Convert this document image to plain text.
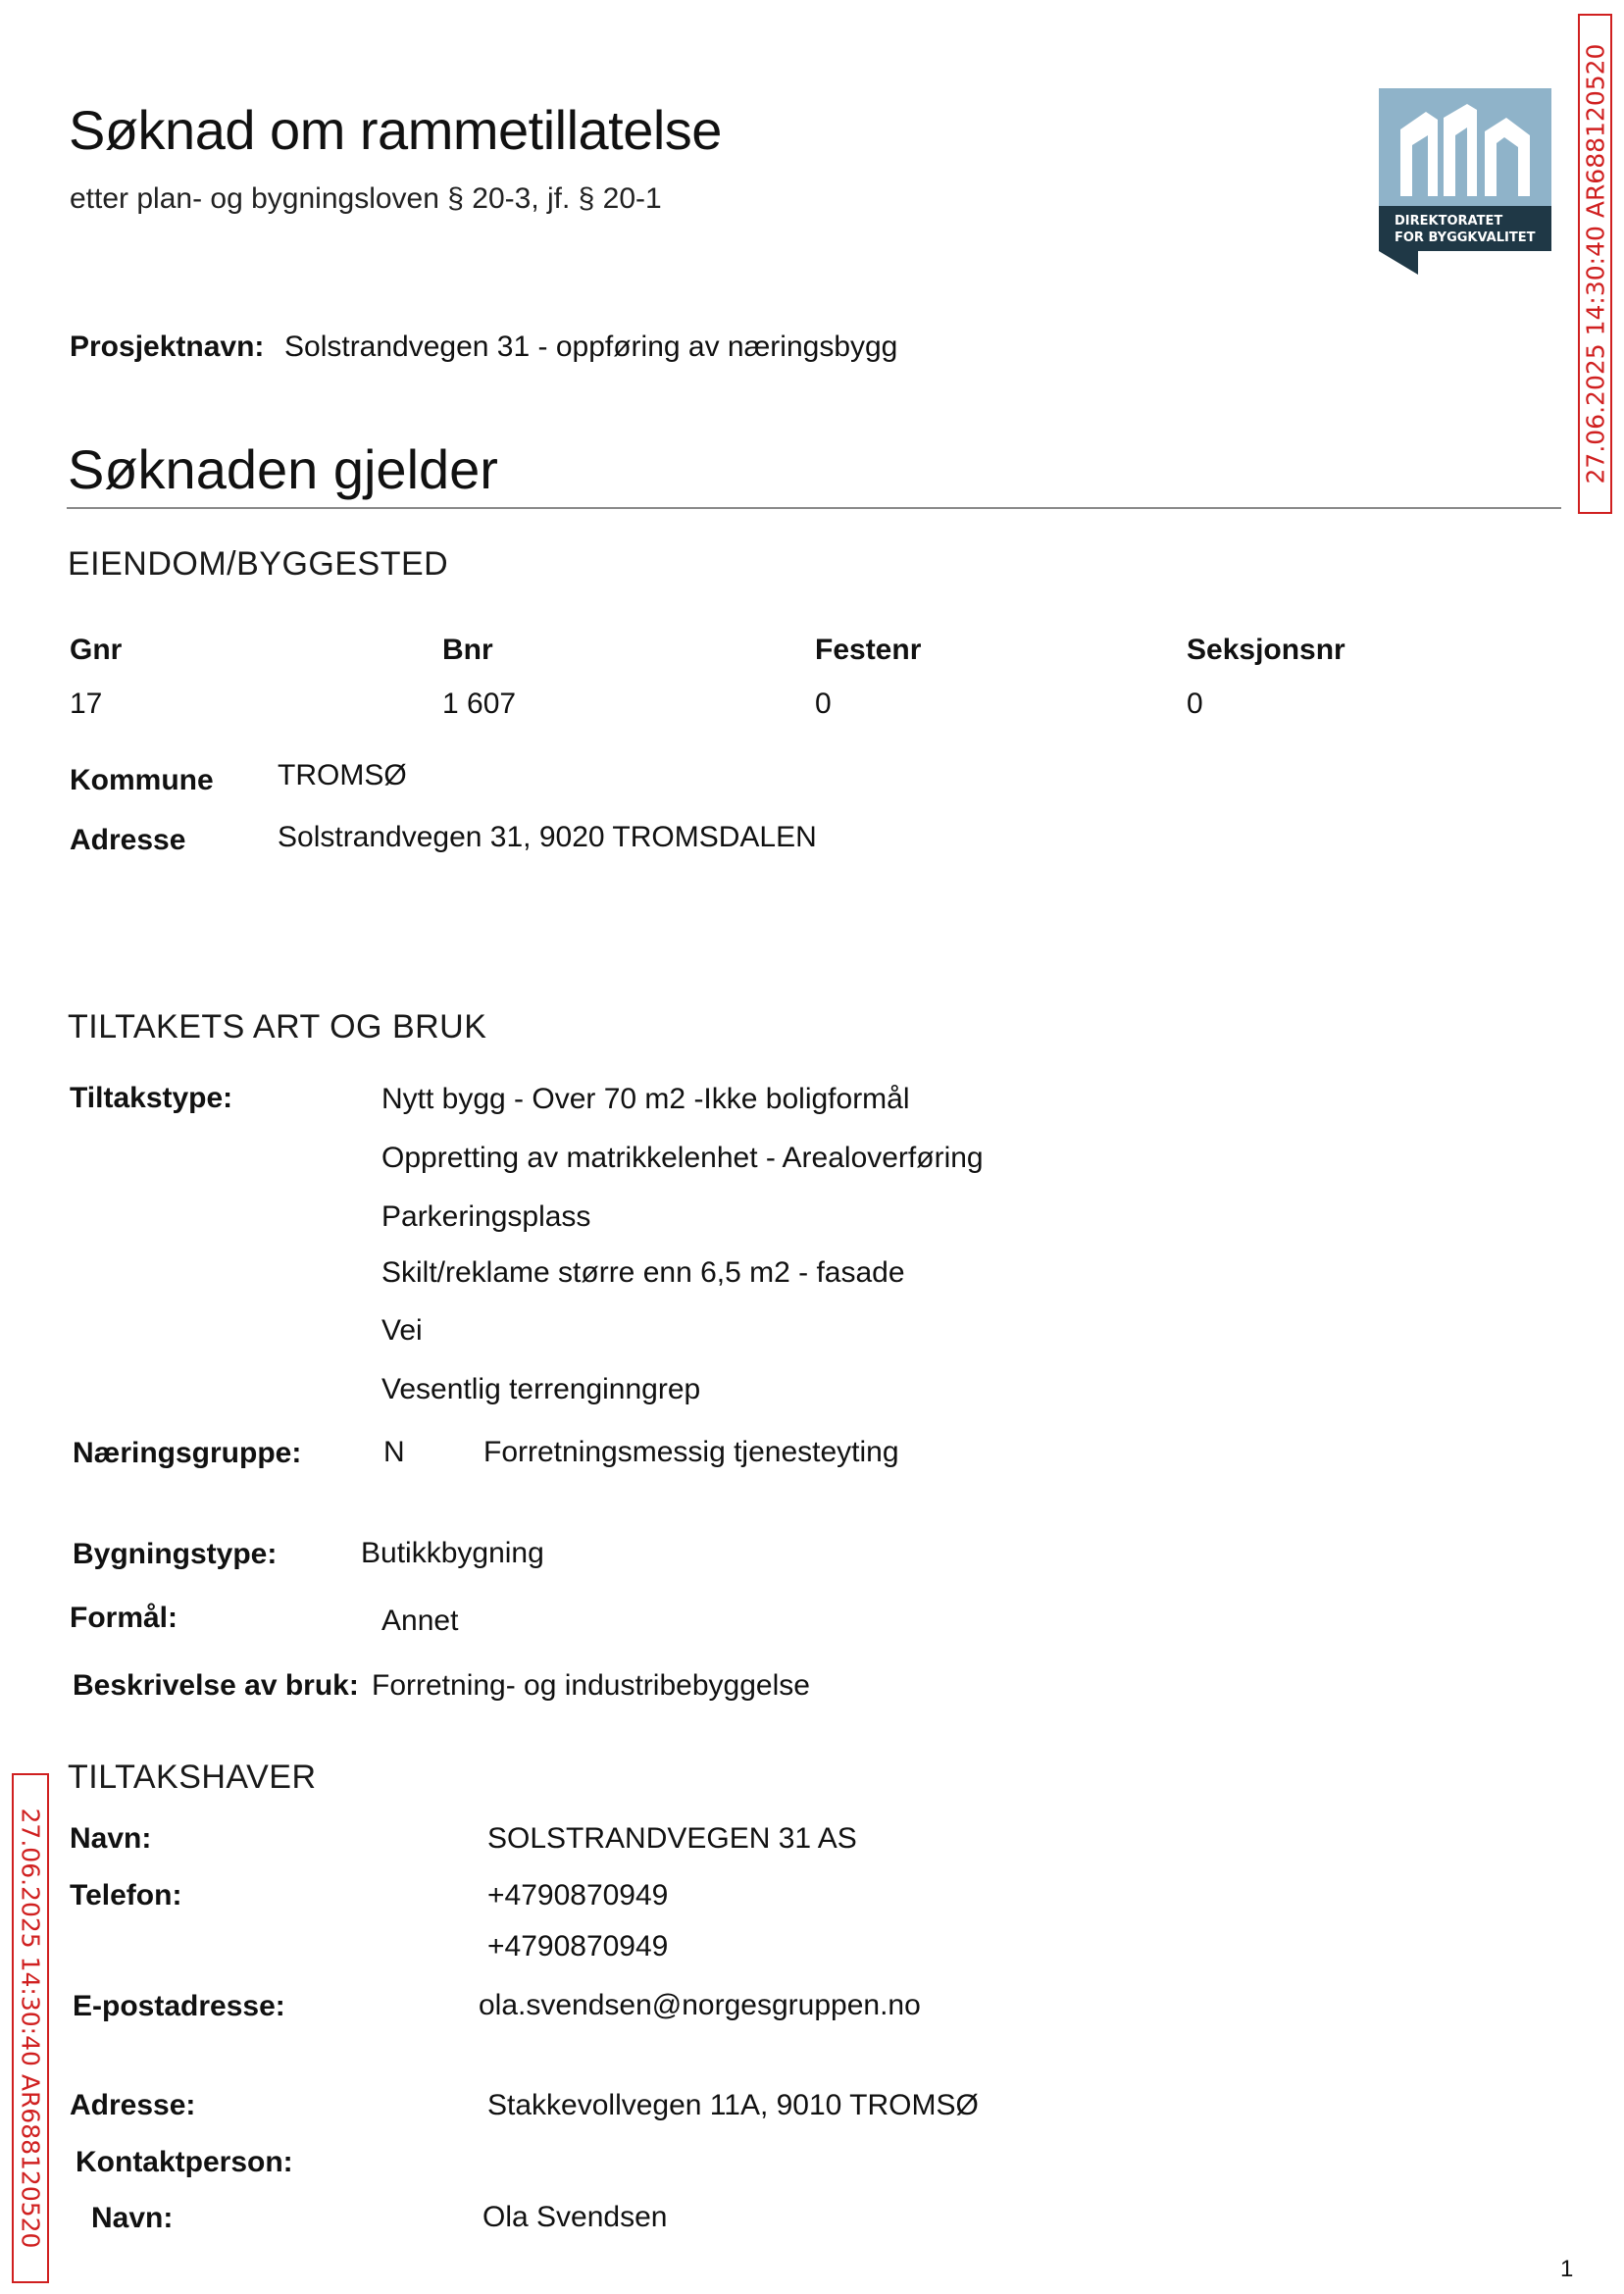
Søknad om rammetillatelse
etter plan- og bygningsloven § 20-3, jf. § 20-1
DIREKTORATET
FOR BYGGKVALITET 27.06.2025 14:30:40 AR688120520
27.06.2025 14:30:40 AR688120520
Prosjektnavn: Solstrandvegen 31 - oppføring av næringsbygg
Søknaden gjelder
EIENDOM/BYGGESTED
Gnr	Bnr	Festenr	Seksjonsnr
17	1 607	0	0
Kommune TROMSØ
Adresse	Solstrandvegen 31, 9020 TROMSDALEN
TILTAKETS ART OG BRUK
Tiltakstype:	Nytt bygg - Over 70 m2 -Ikke boligformål
Oppretting av matrikkelenhet - Arealoverføring
Parkeringsplass
Skilt/reklame større enn 6,5 m2 - fasade
Vei
Vesentlig terrenginngrep
Næringsgruppe:	N	Forretningsmessig tjenesteyting
Bygningstype:	Butikkbygning
Formål:	Annet
Beskrivelse av bruk: Forretning- og industribebyggelse
TILTAKSHAVER
Navn:	SOLSTRANDVEGEN 31 AS
Telefon:	+4790870949
+4790870949
E-postadresse:	ola.svendsen@norgesgruppen.no
Adresse:	Stakkevollvegen 11A, 9010 TROMSØ
Kontaktperson:
Navn:	Ola Svendsen
1
